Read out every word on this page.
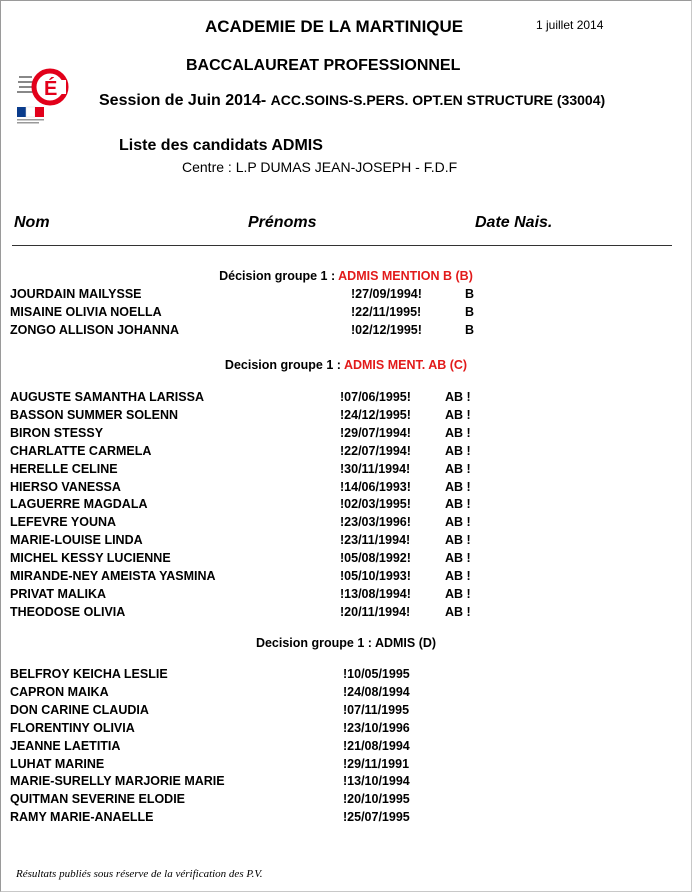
É
ACADEMIE DE LA MARTINIQUE	1 juillet 2014
BACCALAUREAT PROFESSIONNEL
Session de Juin 2014- ACC.SOINS-S.PERS. OPT.EN STRUCTURE (33004)
Liste des candidats ADMIS
Centre : L.P DUMAS JEAN-JOSEPH - F.D.F
Nom	Prénoms	Date Nais.
Décision groupe 1 : ADMIS MENTION B (B)
JOURDAIN MAILYSSE	!27/09/1994!	B
MISAINE OLIVIA NOELLA	!22/11/1995!	B
ZONGO ALLISON JOHANNA	!02/12/1995!	B
Decision groupe 1 : ADMIS MENT. AB (C)
AUGUSTE SAMANTHA LARISSA	!07/06/1995!	AB !
BASSON SUMMER SOLENN	!24/12/1995!	AB !
BIRON STESSY	!29/07/1994!	AB !
CHARLATTE CARMELA	!22/07/1994!	AB !
HERELLE CELINE	!30/11/1994!	AB !
HIERSO VANESSA	!14/06/1993!	AB !
LAGUERRE MAGDALA	!02/03/1995!	AB !
LEFEVRE YOUNA	!23/03/1996!	AB !
MARIE-LOUISE LINDA	!23/11/1994!	AB !
MICHEL KESSY LUCIENNE	!05/08/1992!	AB !
MIRANDE-NEY AMEISTA YASMINA	!05/10/1993!	AB !
PRIVAT MALIKA	!13/08/1994!	AB !
THEODOSE OLIVIA	!20/11/1994!	AB !
Decision groupe 1 : ADMIS (D)
BELFROY KEICHA LESLIE	!10/05/1995
CAPRON MAIKA	!24/08/1994
DON CARINE CLAUDIA	!07/11/1995
FLORENTINY OLIVIA	!23/10/1996
JEANNE LAETITIA	!21/08/1994
LUHAT MARINE	!29/11/1991
MARIE-SURELLY MARJORIE MARIE	!13/10/1994
QUITMAN SEVERINE ELODIE	!20/10/1995
RAMY MARIE-ANAELLE	!25/07/1995
Résultats publiés sous réserve de la vérification des P.V.
